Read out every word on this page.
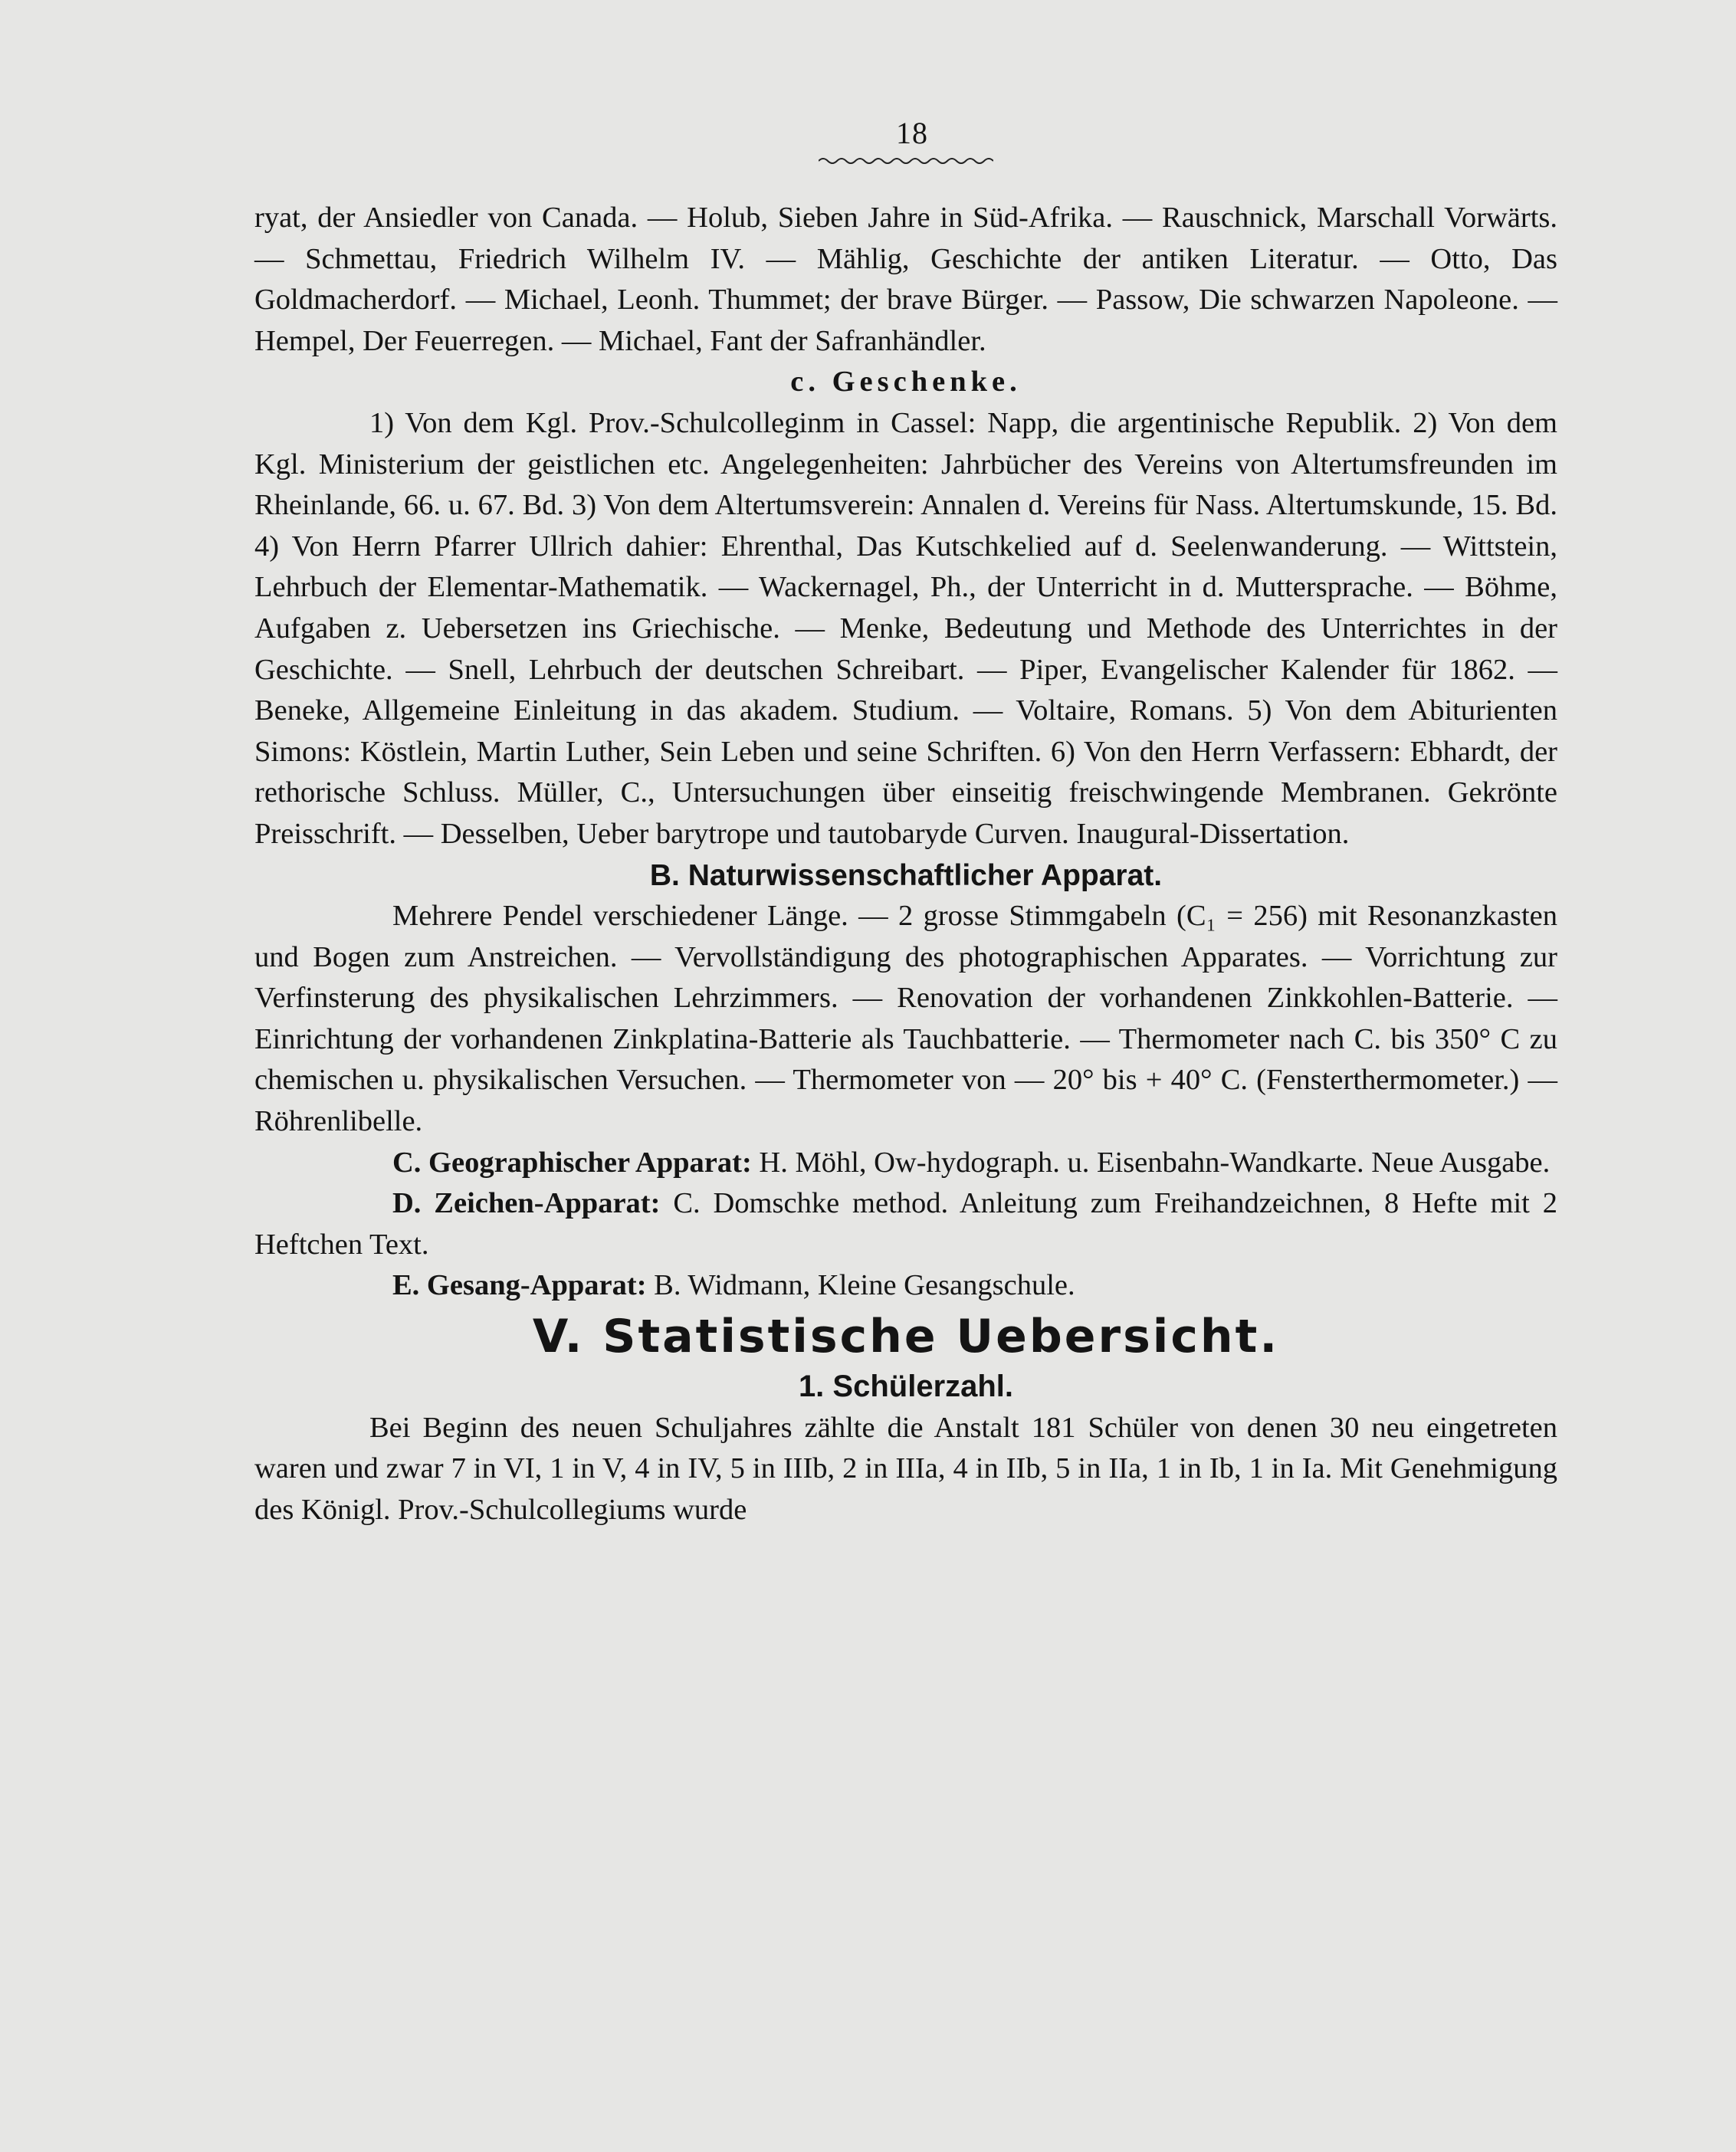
18

ryat, der Ansiedler von Canada. — Holub, Sieben Jahre in Süd-Afrika. — Rauschnick, Marschall Vorwärts. — Schmettau, Friedrich Wilhelm IV. — Mählig, Geschichte der antiken Literatur. — Otto, Das Goldmacherdorf. — Michael, Leonh. Thummet; der brave Bürger. — Passow, Die schwarzen Napoleone. — Hempel, Der Feuerregen. — Michael, Fant der Safranhändler.

c. Geschenke.

1) Von dem Kgl. Prov.-Schulcolleginm in Cassel: Napp, die argentinische Republik. 2) Von dem Kgl. Ministerium der geistlichen etc. Angelegenheiten: Jahrbücher des Vereins von Altertumsfreunden im Rheinlande, 66. u. 67. Bd. 3) Von dem Altertumsverein: Annalen d. Vereins für Nass. Altertumskunde, 15. Bd. 4) Von Herrn Pfarrer Ullrich dahier: Ehrenthal, Das Kutschkelied auf d. Seelenwanderung. — Wittstein, Lehrbuch der Elementar-Mathematik. — Wackernagel, Ph., der Unterricht in d. Muttersprache. — Böhme, Aufgaben z. Uebersetzen ins Griechische. — Menke, Bedeutung und Methode des Unterrichtes in der Geschichte. — Snell, Lehrbuch der deutschen Schreibart. — Piper, Evangelischer Kalender für 1862. — Beneke, Allgemeine Einleitung in das akadem. Studium. — Voltaire, Romans. 5) Von dem Abiturienten Simons: Köstlein, Martin Luther, Sein Leben und seine Schriften. 6) Von den Herrn Verfassern: Ebhardt, der rethorische Schluss. Müller, C., Untersuchungen über einseitig freischwingende Membranen. Gekrönte Preisschrift. — Desselben, Ueber barytrope und tautobaryde Curven. Inaugural-Dissertation.

B. Naturwissenschaftlicher Apparat.

Mehrere Pendel verschiedener Länge. — 2 grosse Stimmgabeln (C₁ = 256) mit Resonanzkasten und Bogen zum Anstreichen. — Vervollständigung des photographischen Apparates. — Vorrichtung zur Verfinsterung des physikalischen Lehrzimmers. — Renovation der vorhandenen Zinkkohlen-Batterie. — Einrichtung der vorhandenen Zinkplatina-Batterie als Tauchbatterie. — Thermometer nach C. bis 350° C zu chemischen u. physikalischen Versuchen. — Thermometer von — 20° bis + 40° C. (Fensterthermometer.) — Röhrenlibelle.

C. Geographischer Apparat: H. Möhl, Ow-hydograph. u. Eisenbahn-Wandkarte. Neue Ausgabe.

D. Zeichen-Apparat: C. Domschke method. Anleitung zum Freihandzeichnen, 8 Hefte mit 2 Heftchen Text.

E. Gesang-Apparat: B. Widmann, Kleine Gesangschule.

V. Statistische Uebersicht.

1. Schülerzahl.

Bei Beginn des neuen Schuljahres zählte die Anstalt 181 Schüler von denen 30 neu eingetreten waren und zwar 7 in VI, 1 in V, 4 in IV, 5 in IIIb, 2 in IIIa, 4 in IIb, 5 in IIa, 1 in Ib, 1 in Ia. Mit Genehmigung des Königl. Prov.-Schulcollegiums wurde
